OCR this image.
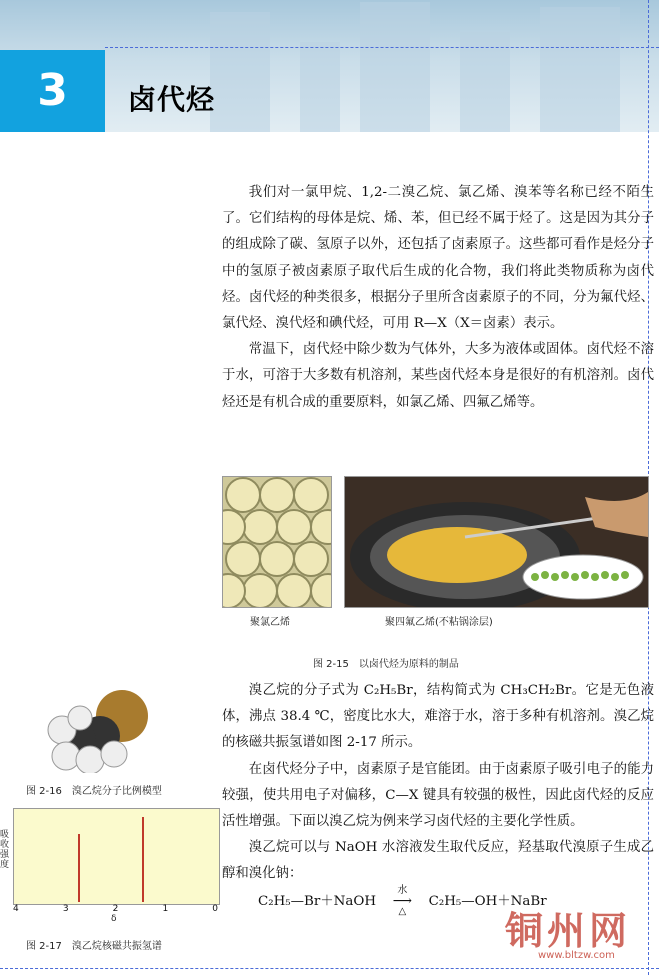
3	卤代烃

我们对一氯甲烷、1,2-二溴乙烷、氯乙烯、溴苯等名称已经不陌生了。它们结构的母体是烷、烯、苯，但已经不属于烃了。这是因为其分子的组成除了碳、氢原子以外，还包括了卤素原子。这些都可看作是烃分子中的氢原子被卤素原子取代后生成的化合物，我们将此类物质称为卤代烃。卤代烃的种类很多，根据分子里所含卤素原子的不同，分为氟代烃、氯代烃、溴代烃和碘代烃，可用 R—X（X＝卤素）表示。

常温下，卤代烃中除少数为气体外，大多为液体或固体。卤代烃不溶于水，可溶于大多数有机溶剂，某些卤代烃本身是很好的有机溶剂。卤代烃还是有机合成的重要原料，如氯乙烯、四氟乙烯等。

聚氯乙烯	聚四氟乙烯(不粘锅涂层)
图 2-15　以卤代烃为原料的制品
图 2-16　溴乙烷分子比例模型
吸收强度
4	3	2	1	0
δ
图 2-17　溴乙烷核磁共振氢谱

溴乙烷的分子式为 C₂H₅Br，结构简式为 CH₃CH₂Br。它是无色液体，沸点 38.4 ℃，密度比水大，难溶于水，溶于多种有机溶剂。溴乙烷的核磁共振氢谱如图 2-17 所示。

在卤代烃分子中，卤素原子是官能团。由于卤素原子吸引电子的能力较强，使共用电子对偏移，C—X 键具有较强的极性，因此卤代烃的反应活性增强。下面以溴乙烷为例来学习卤代烃的主要化学性质。

溴乙烷可以与 NaOH 水溶液发生取代反应，羟基取代溴原子生成乙醇和溴化钠：

C₂H₅—Br＋NaOH
水
⟶
△
C₂H₅—OH＋NaBr
铜州网
www.bltzw.com
